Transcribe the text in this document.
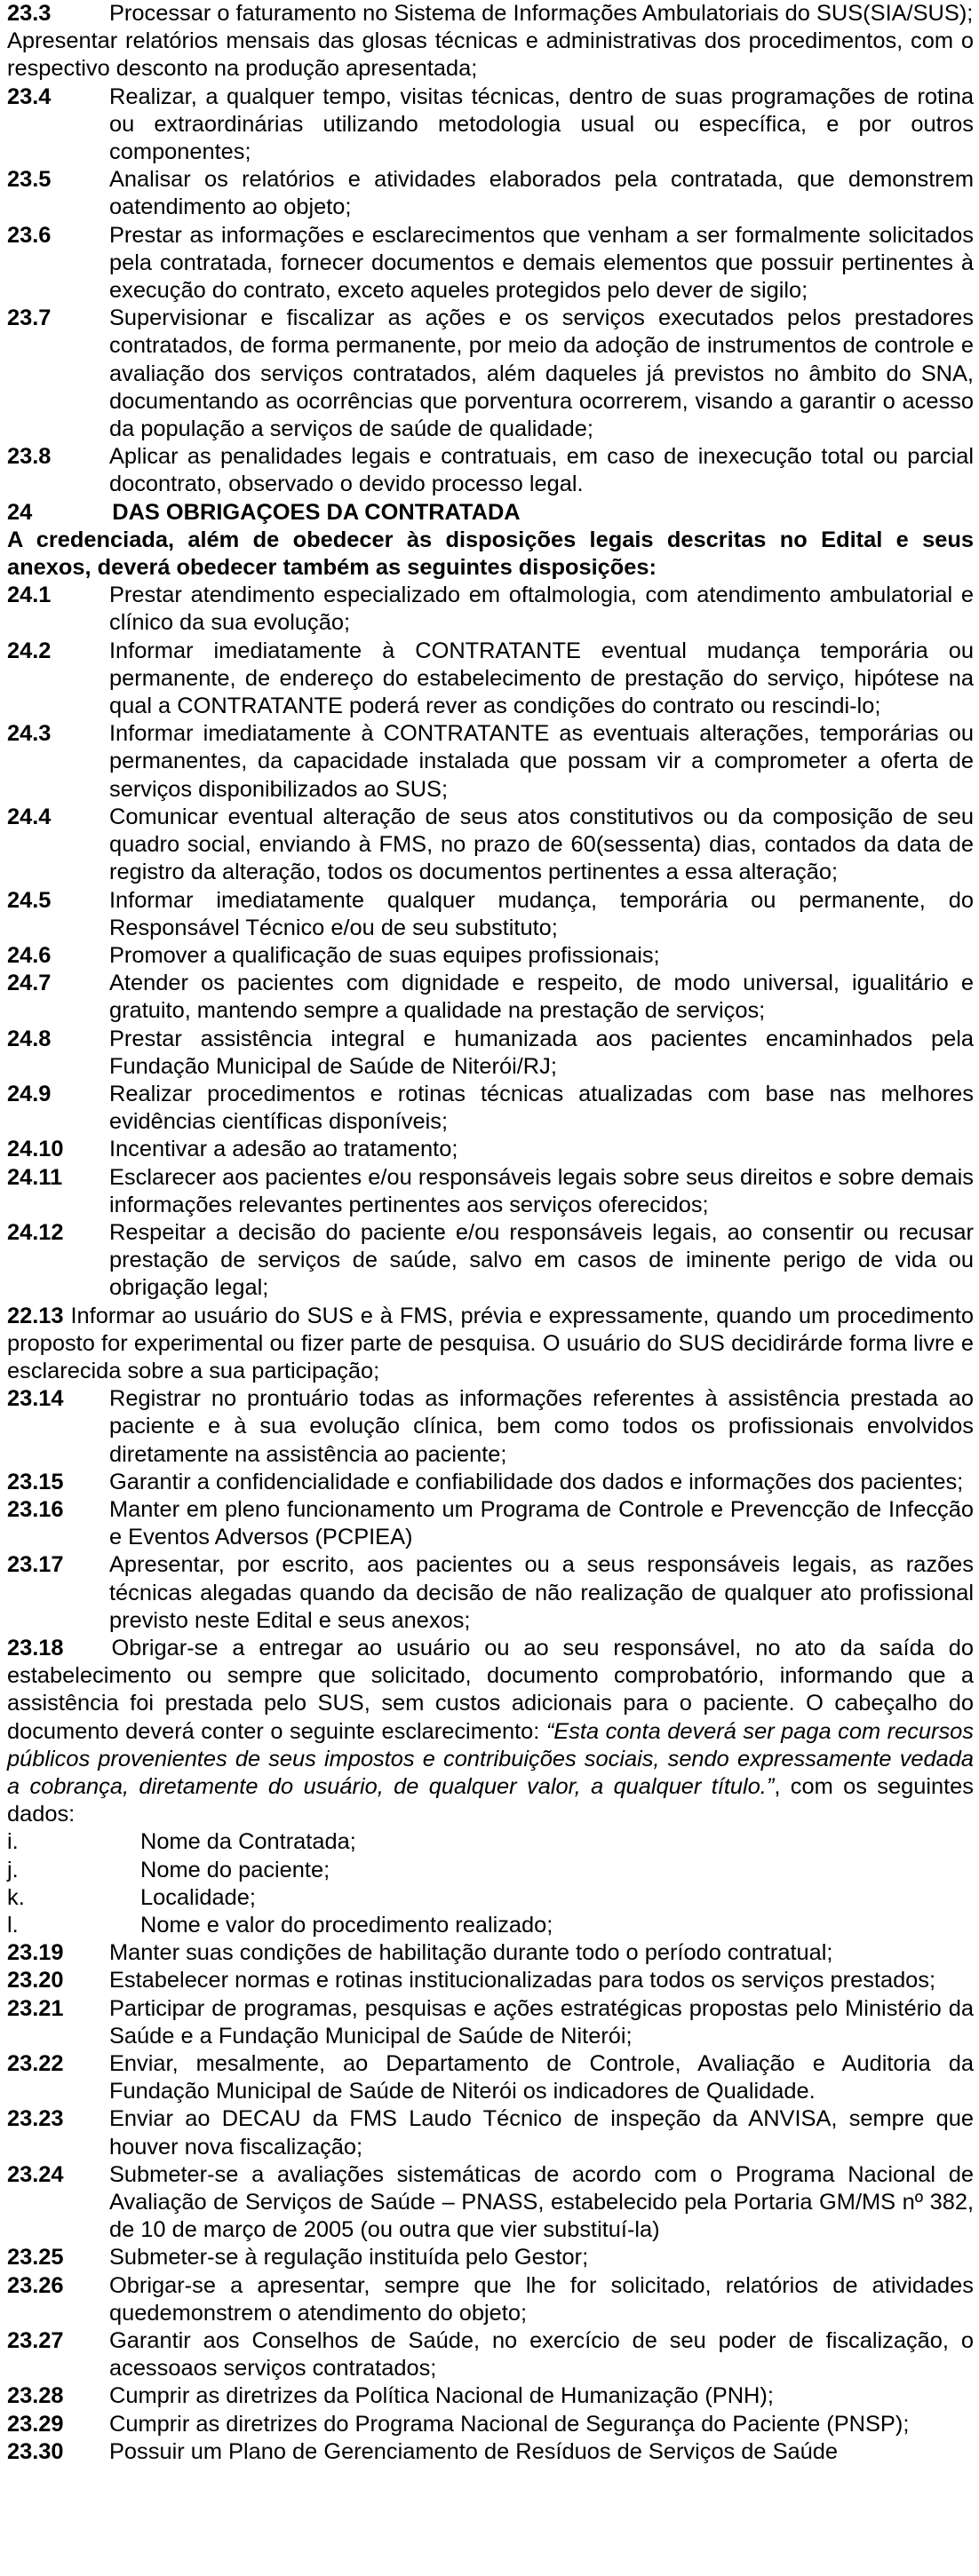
23.3	Processar o faturamento no Sistema de Informações Ambulatoriais do SUS(SIA/SUS);
Apresentar relatórios mensais das glosas técnicas e administrativas dos procedimentos, com o respectivo desconto na produção apresentada;
23.4	Realizar, a qualquer tempo, visitas técnicas, dentro de suas programações de rotina ou extraordinárias utilizando metodologia usual ou específica, e por outros componentes;
23.5	Analisar os relatórios e atividades elaborados pela contratada, que demonstrem oatendimento ao objeto;
23.6	Prestar as informações e esclarecimentos que venham a ser formalmente solicitados pela contratada, fornecer documentos e demais elementos que possuir pertinentes à execução do contrato, exceto aqueles protegidos pelo dever de sigilo;
23.7	Supervisionar e fiscalizar as ações e os serviços executados pelos prestadores contratados, de forma permanente, por meio da adoção de instrumentos de controle e avaliação dos serviços contratados, além daqueles já previstos no âmbito do SNA, documentando as ocorrências que porventura ocorrerem, visando a garantir o acesso da população a serviços de saúde de qualidade;
23.8	Aplicar as penalidades legais e contratuais, em caso de inexecução total ou parcial docontrato, observado o devido processo legal.

24	DAS OBRIGAÇOES DA CONTRATADA

A credenciada, além de obedecer às disposições legais descritas no Edital e seus anexos, deverá obedecer também as seguintes disposições:

24.1	Prestar atendimento especializado em oftalmologia, com atendimento ambulatorial e clínico da sua evolução;
24.2	Informar imediatamente à CONTRATANTE eventual mudança temporária ou permanente, de endereço do estabelecimento de prestação do serviço, hipótese na qual a CONTRATANTE poderá rever as condições do contrato ou rescindi-lo;
24.3	Informar imediatamente à CONTRATANTE as eventuais alterações, temporárias ou permanentes, da capacidade instalada que possam vir a comprometer a oferta de serviços disponibilizados ao SUS;
24.4	Comunicar eventual alteração de seus atos constitutivos ou da composição de seu quadro social, enviando à FMS, no prazo de 60(sessenta) dias, contados da data de registro da alteração, todos os documentos pertinentes a essa alteração;
24.5	Informar imediatamente qualquer mudança, temporária ou permanente, do Responsável Técnico e/ou de seu substituto;
24.6	Promover a qualificação de suas equipes profissionais;
24.7	Atender os pacientes com dignidade e respeito, de modo universal, igualitário e gratuito, mantendo sempre a qualidade na prestação de serviços;
24.8	Prestar assistência integral e humanizada aos pacientes encaminhados pela Fundação Municipal de Saúde de Niterói/RJ;
24.9	Realizar procedimentos e rotinas técnicas atualizadas com base nas melhores evidências científicas disponíveis;
24.10	Incentivar a adesão ao tratamento;
24.11	Esclarecer aos pacientes e/ou responsáveis legais sobre seus direitos e sobre demais informações relevantes pertinentes aos serviços oferecidos;
24.12	Respeitar a decisão do paciente e/ou responsáveis legais, ao consentir ou recusar prestação de serviços de saúde, salvo em casos de iminente perigo de vida ou obrigação legal;

22.13 Informar ao usuário do SUS e à FMS, prévia e expressamente, quando um procedimento proposto for experimental ou fizer parte de pesquisa. O usuário do SUS decidirárde forma livre e esclarecida sobre a sua participação;

23.14	Registrar no prontuário todas as informações referentes à assistência prestada ao paciente e à sua evolução clínica, bem como todos os profissionais envolvidos diretamente na assistência ao paciente;
23.15	Garantir a confidencialidade e confiabilidade dos dados e informações dos pacientes;
23.16	Manter em pleno funcionamento um Programa de Controle e Prevencção de Infecção e Eventos Adversos (PCPIEA)
23.17	Apresentar, por escrito, aos pacientes ou a seus responsáveis legais, as razões técnicas alegadas quando da decisão de não realização de qualquer ato profissional previsto neste Edital e seus anexos;

23.18 Obrigar-se a entregar ao usuário ou ao seu responsável, no ato da saída do estabelecimento ou sempre que solicitado, documento comprobatório, informando que a assistência foi prestada pelo SUS, sem custos adicionais para o paciente. O cabeçalho do documento deverá conter o seguinte esclarecimento: “Esta conta deverá ser paga com recursos públicos provenientes de seus impostos e contribuições sociais, sendo expressamente vedada a cobrança, diretamente do usuário, de qualquer valor, a qualquer título.”, com os seguintes dados:

i.	Nome da Contratada;
j.	Nome do paciente;
k.	Localidade;
l.	Nome e valor do procedimento realizado;
23.19	Manter suas condições de habilitação durante todo o período contratual;
23.20	Estabelecer normas e rotinas institucionalizadas para todos os serviços prestados;
23.21	Participar de programas, pesquisas e ações estratégicas propostas pelo Ministério da Saúde e a Fundação Municipal de Saúde de Niterói;
23.22	Enviar, mesalmente, ao Departamento de Controle, Avaliação e Auditoria da Fundação Municipal de Saúde de Niterói os indicadores de Qualidade.
23.23	Enviar ao DECAU da FMS Laudo Técnico de inspeção da ANVISA, sempre que houver nova fiscalização;
23.24	Submeter-se a avaliações sistemáticas de acordo com o Programa Nacional de Avaliação de Serviços de Saúde – PNASS, estabelecido pela Portaria GM/MS nº 382, de 10 de março de 2005 (ou outra que vier substituí-la)
23.25	Submeter-se à regulação instituída pelo Gestor;
23.26	Obrigar-se a apresentar, sempre que lhe for solicitado, relatórios de atividades quedemonstrem o atendimento do objeto;
23.27	Garantir aos Conselhos de Saúde, no exercício de seu poder de fiscalização, o acessoaos serviços contratados;
23.28	Cumprir as diretrizes da Política Nacional de Humanização (PNH);
23.29	Cumprir as diretrizes do Programa Nacional de Segurança do Paciente (PNSP);
23.30	Possuir um Plano de Gerenciamento de Resíduos de Serviços de Saúde
